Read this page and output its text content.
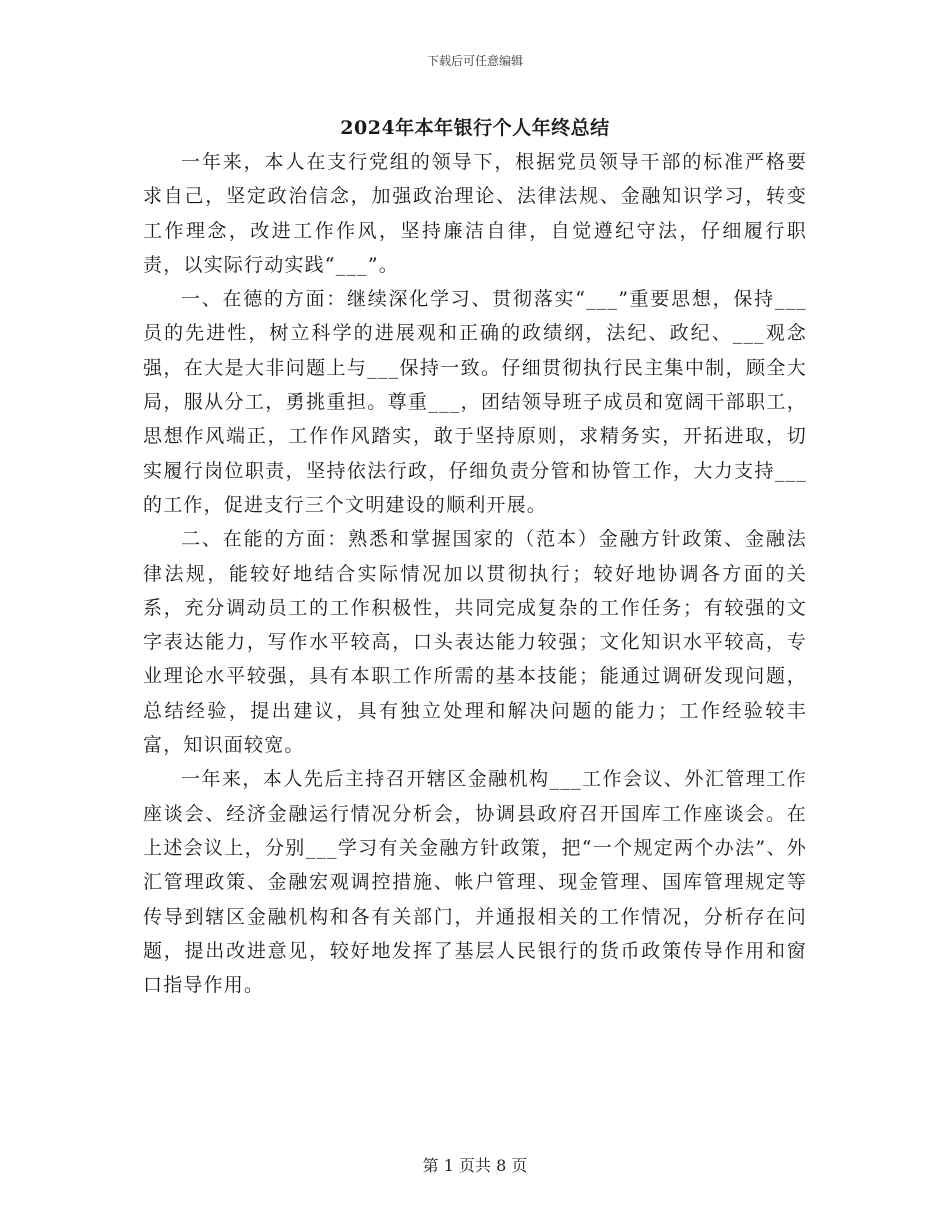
下载后可任意编辑
2024年本年银行个人年终总结

一年来，本人在支行党组的领导下，根据党员领导干部的标准严格要求自己，坚定政治信念，加强政治理论、法律法规、金融知识学习，转变工作理念，改进工作作风，坚持廉洁自律，自觉遵纪守法，仔细履行职责，以实际行动实践“___”。

一、在德的方面：继续深化学习、贯彻落实“___”重要思想，保持___员的先进性，树立科学的进展观和正确的政绩纲，法纪、政纪、___观念强，在大是大非问题上与___保持一致。仔细贯彻执行民主集中制，顾全大局，服从分工，勇挑重担。尊重___，团结领导班子成员和宽阔干部职工，思想作风端正，工作作风踏实，敢于坚持原则，求精务实，开拓进取，切实履行岗位职责，坚持依法行政，仔细负责分管和协管工作，大力支持___的工作，促进支行三个文明建设的顺利开展。

二、在能的方面：熟悉和掌握国家的（范本）金融方针政策、金融法律法规，能较好地结合实际情况加以贯彻执行；较好地协调各方面的关系，充分调动员工的工作积极性，共同完成复杂的工作任务；有较强的文字表达能力，写作水平较高，口头表达能力较强；文化知识水平较高，专业理论水平较强，具有本职工作所需的基本技能；能通过调研发现问题，总结经验，提出建议，具有独立处理和解决问题的能力；工作经验较丰富，知识面较宽。

一年来，本人先后主持召开辖区金融机构___工作会议、外汇管理工作座谈会、经济金融运行情况分析会，协调县政府召开国库工作座谈会。在上述会议上，分别___学习有关金融方针政策，把“一个规定两个办法”、外汇管理政策、金融宏观调控措施、帐户管理、现金管理、国库管理规定等传导到辖区金融机构和各有关部门，并通报相关的工作情况，分析存在问题，提出改进意见，较好地发挥了基层人民银行的货币政策传导作用和窗口指导作用。

第 1 页共 8 页
